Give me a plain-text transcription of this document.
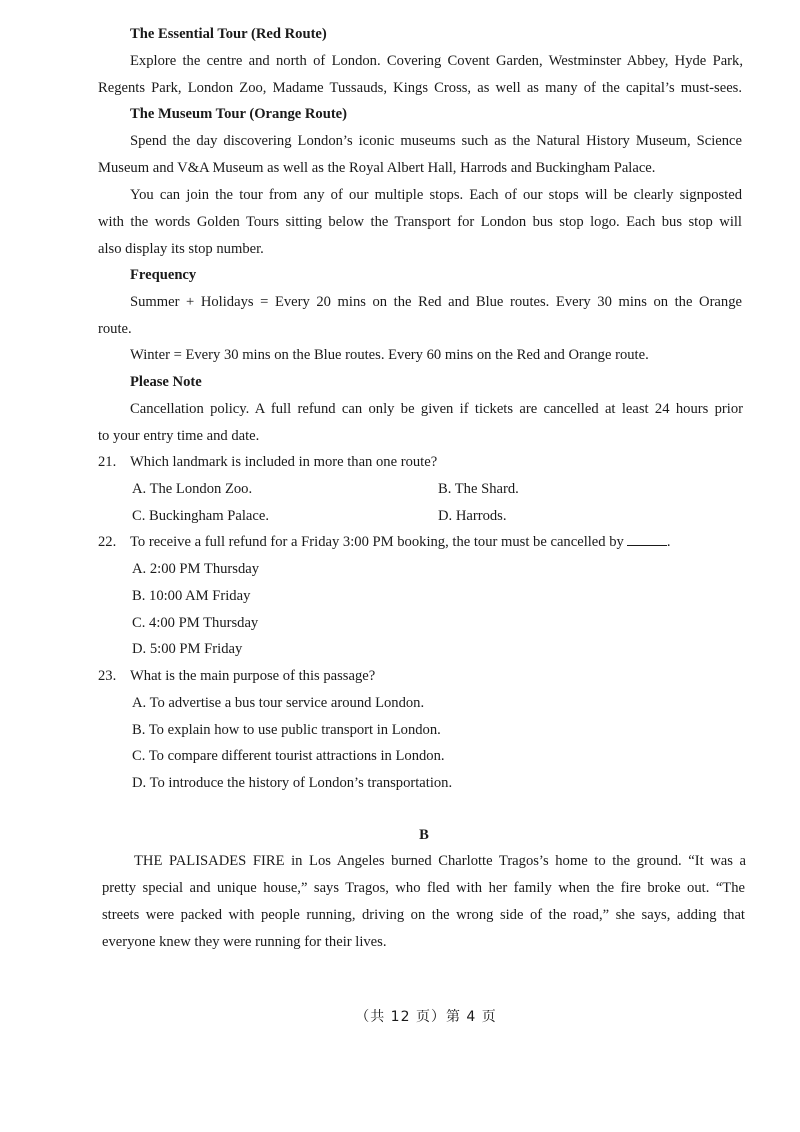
The Essential Tour (Red Route)
Explore the centre and north of London. Covering Covent Garden, Westminster Abbey, Hyde Park,
Regents Park, London Zoo, Madame Tussauds, Kings Cross, as well as many of the capital’s must-sees.
The Museum Tour (Orange Route)
Spend the day discovering London’s iconic museums such as the Natural History Museum, Science
Museum and V&A Museum as well as the Royal Albert Hall, Harrods and Buckingham Palace.
You can join the tour from any of our multiple stops. Each of our stops will be clearly signposted
with the words Golden Tours sitting below the Transport for London bus stop logo. Each bus stop will
also display its stop number.
Frequency
Summer + Holidays = Every 20 mins on the Red and Blue routes. Every 30 mins on the Orange
route.
Winter = Every 30 mins on the Blue routes. Every 60 mins on the Red and Orange route.
Please Note
Cancellation policy. A full refund can only be given if tickets are cancelled at least 24 hours prior
to your entry time and date.
21. Which landmark is included in more than one route?
A. The London Zoo.	B. The Shard.
C. Buckingham Palace.	D. Harrods.
22. To receive a full refund for a Friday 3:00 PM booking, the tour must be cancelled by	.
A. 2:00 PM Thursday
B. 10:00 AM Friday
C. 4:00 PM Thursday
D. 5:00 PM Friday
23. What is the main purpose of this passage?
A. To advertise a bus tour service around London.
B. To explain how to use public transport in London.
C. To compare different tourist attractions in London.
D. To introduce the history of London’s transportation.
B
THE PALISADES FIRE in Los Angeles burned Charlotte Tragos’s home to the ground. “It was a
pretty special and unique house,” says Tragos, who fled with her family when the fire broke out. “The
streets were packed with people running, driving on the wrong side of the road,” she says, adding that
everyone knew they were running for their lives.
（共 12 页）第 4 页
